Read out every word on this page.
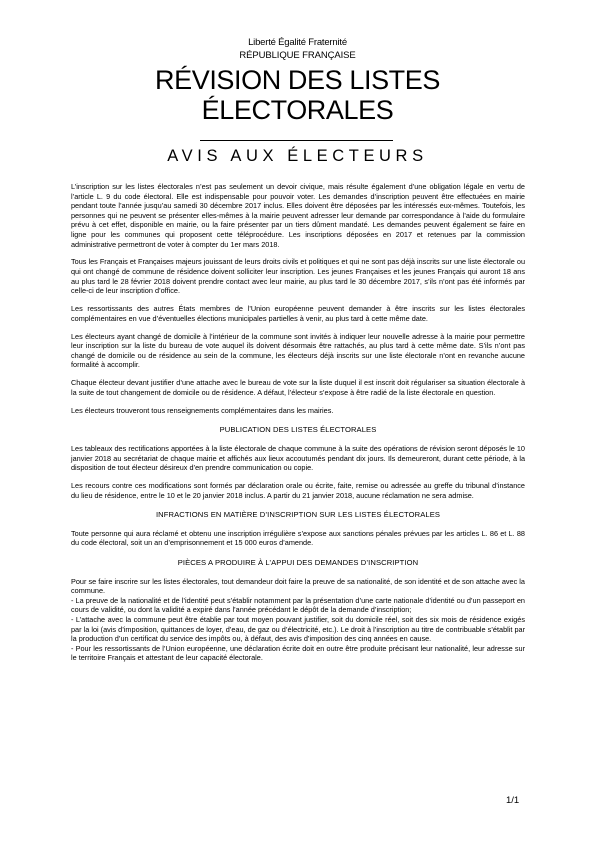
Liberté Égalité Fraternité
RÉPUBLIQUE FRANÇAISE
RÉVISION DES LISTES
ÉLECTORALES
AVIS AUX ÉLECTEURS

L’inscription sur les listes électorales n’est pas seulement un devoir civique, mais résulte également d’une obligation légale en vertu de l’article L. 9 du code électoral. Elle est indispensable pour pouvoir voter. Les demandes d’inscription peuvent être effectuées en mairie pendant toute l’année jusqu’au samedi 30 décembre 2017 inclus. Elles doivent être déposées par les intéressés eux-mêmes. Toutefois, les personnes qui ne peuvent se présenter elles-mêmes à la mairie peuvent adresser leur demande par correspondance à l’aide du formulaire prévu à cet effet, disponible en mairie, ou la faire présenter par un tiers dûment mandaté. Les demandes peuvent également se faire en ligne pour les communes qui proposent cette téléprocédure. Les inscriptions déposées en 2017 et retenues par la commission administrative permettront de voter à compter du 1er mars 2018.

Tous les Français et Françaises majeurs jouissant de leurs droits civils et politiques et qui ne sont pas déjà inscrits sur une liste électorale ou qui ont changé de commune de résidence doivent solliciter leur inscription. Les jeunes Françaises et les jeunes Français qui auront 18 ans au plus tard le 28 février 2018 doivent prendre contact avec leur mairie, au plus tard le 30 décembre 2017, s’ils n’ont pas été informés par celle-ci de leur inscription d’office.

Les ressortissants des autres États membres de l’Union européenne peuvent demander à être inscrits sur les listes électorales complémentaires en vue d’éventuelles élections municipales partielles à venir, au plus tard à cette même date.

Les électeurs ayant changé de domicile à l’intérieur de la commune sont invités à indiquer leur nouvelle adresse à la mairie pour permettre leur inscription sur la liste du bureau de vote auquel ils doivent désormais être rattachés, au plus tard à cette même date. S’ils n’ont pas changé de domicile ou de résidence au sein de la commune, les électeurs déjà inscrits sur une liste électorale n’ont en revanche aucune formalité à accomplir.

Chaque électeur devant justifier d’une attache avec le bureau de vote sur la liste duquel il est inscrit doit régulariser sa situation électorale à la suite de tout changement de domicile ou de résidence. A défaut, l’électeur s’expose à être radié de la liste électorale en question.

Les électeurs trouveront tous renseignements complémentaires dans les mairies.

PUBLICATION DES LISTES ÉLECTORALES

Les tableaux des rectifications apportées à la liste électorale de chaque commune à la suite des opérations de révision seront déposés le 10 janvier 2018 au secrétariat de chaque mairie et affichés aux lieux accoutumés pendant dix jours. Ils demeureront, durant cette période, à la disposition de tout électeur désireux d’en prendre communication ou copie.

Les recours contre ces modifications sont formés par déclaration orale ou écrite, faite, remise ou adressée au greffe du tribunal d’instance du lieu de résidence, entre le 10 et le 20 janvier 2018 inclus. A partir du 21 janvier 2018, aucune réclamation ne sera admise.

INFRACTIONS EN MATIÈRE D’INSCRIPTION SUR LES LISTES ÉLECTORALES

Toute personne qui aura réclamé et obtenu une inscription irrégulière s’expose aux sanctions pénales prévues par les articles L. 86 et L. 88 du code électoral, soit un an d’emprisonnement et 15 000 euros d’amende.

PIÈCES A PRODUIRE À L’APPUI DES DEMANDES D’INSCRIPTION

Pour se faire inscrire sur les listes électorales, tout demandeur doit faire la preuve de sa nationalité, de son identité et de son attache avec la commune.

- La preuve de la nationalité et de l’identité peut s’établir notamment par la présentation d’une carte nationale d’identité ou d’un passeport en cours de validité, ou dont la validité a expiré dans l’année précédant le dépôt de la demande d’inscription;
- L’attache avec la commune peut être établie par tout moyen pouvant justifier, soit du domicile réel, soit des six mois de résidence exigés par la loi (avis d’imposition, quittances de loyer, d’eau, de gaz ou d’électricité, etc.). Le droit à l’inscription au titre de contribuable s’établit par la production d’un certificat du service des impôts ou, à défaut, des avis d’imposition des cinq années en cause.
- Pour les ressortissants de l’Union européenne, une déclaration écrite doit en outre être produite précisant leur nationalité, leur adresse sur le territoire Français et attestant de leur capacité électorale.
1/1
